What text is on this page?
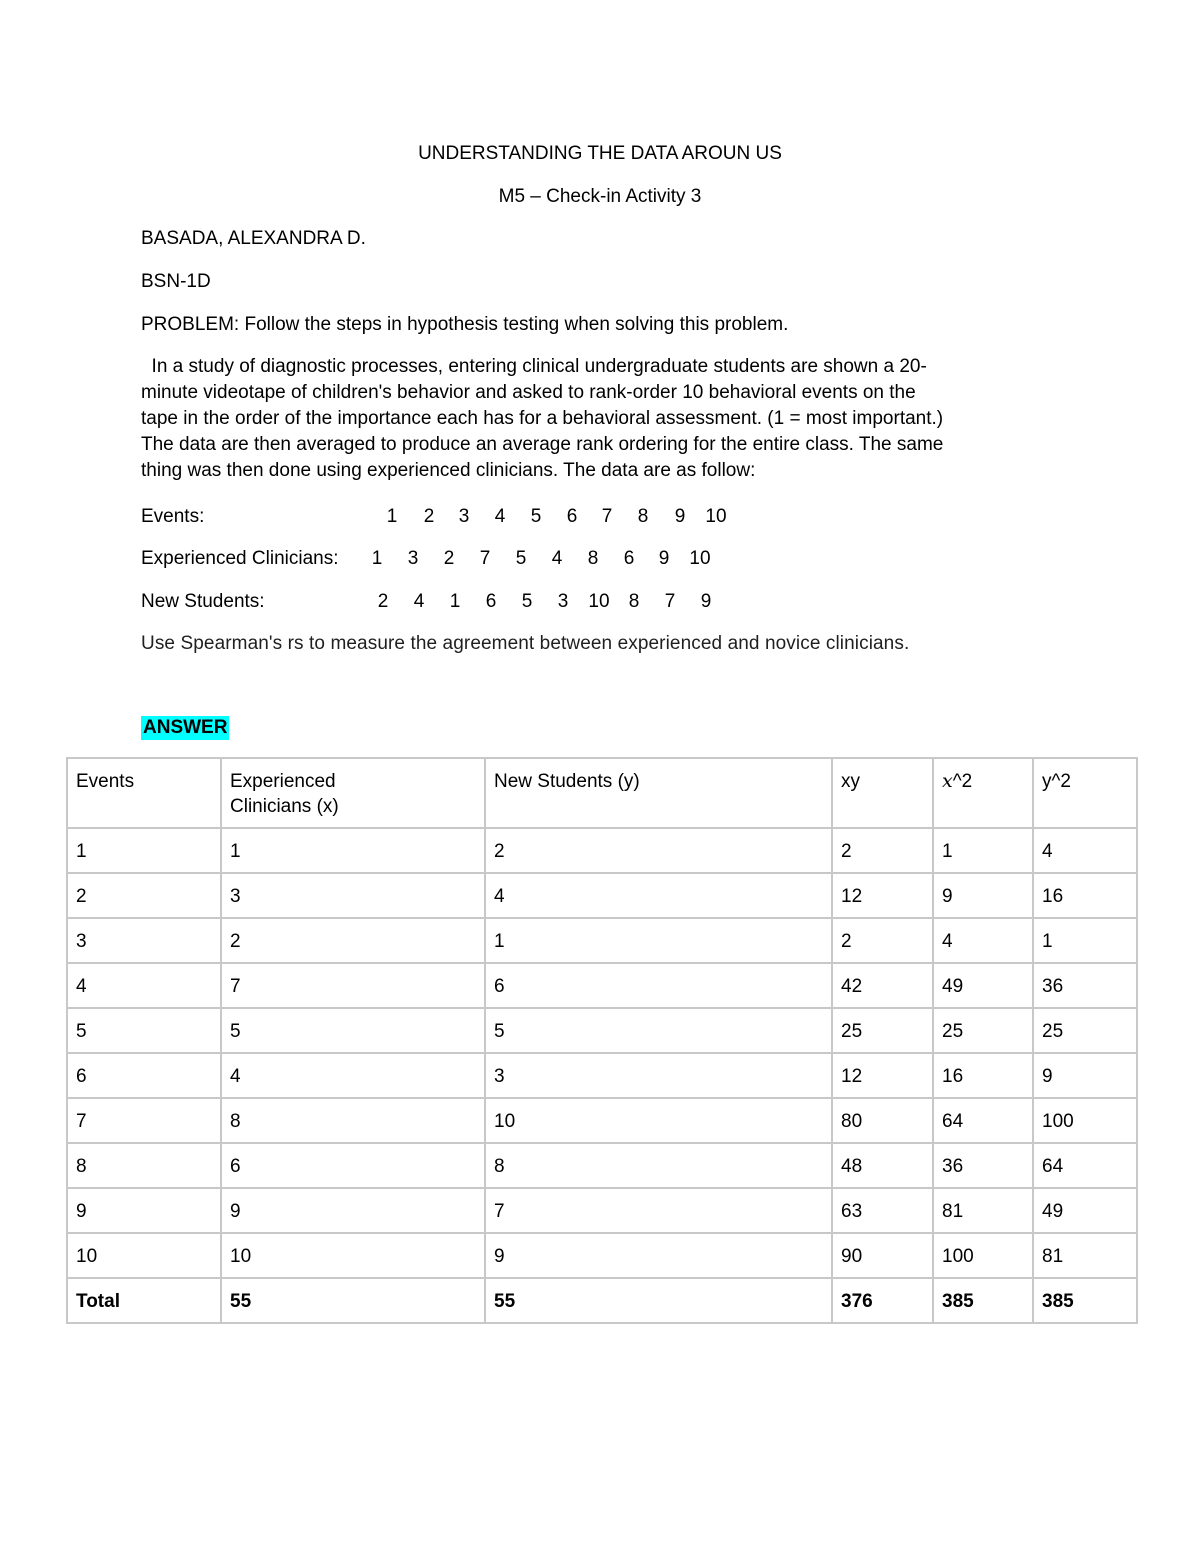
UNDERSTANDING THE DATA AROUN US
M5 – Check-in Activity 3
BASADA, ALEXANDRA D.
BSN-1D
PROBLEM: Follow the steps in hypothesis testing when solving this problem.
In a study of diagnostic processes, entering clinical undergraduate students are shown a 20-
minute videotape of children's behavior and asked to rank-order 10 behavioral events on the
tape in the order of the importance each has for a behavioral assessment. (1 = most important.)
The data are then averaged to produce an average rank ordering for the entire class. The same
thing was then done using experienced clinicians. The data are as follow:
Events:	1	2	3	4	5	6	7	8	9	10
Experienced Clinicians:	1	3	2	7	5	4	8	6	9	10
New Students:	2	4	1	6	5	3	10	8	7	9
Use Spearman's rs to measure the agreement between experienced and novice clinicians.
ANSWER
Events	Experienced Clinicians (x)	New Students (y)	xy	𝑥^2	y^2
1	1	2	2	1	4
2	3	4	12	9	16
3	2	1	2	4	1
4	7	6	42	49	36
5	5	5	25	25	25
6	4	3	12	16	9
7	8	10	80	64	100
8	6	8	48	36	64
9	9	7	63	81	49
10	10	9	90	100	81
Total	55	55	376	385	385
